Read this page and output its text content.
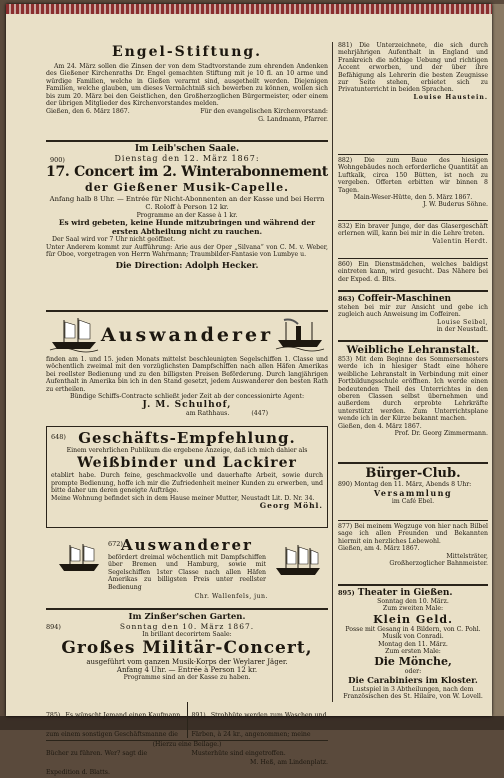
Engel-Stiftung.
Am 24. März sollen die Zinsen der von dem Stadtvorstande zum ehrenden Andenken des Gießener Kirchenraths Dr. Engel gemachten Stiftung mit je 10 fl. an 10 arme und würdige Familien, welche in Gießen verarmt sind, ausgetheilt werden. Diejenigen Familien, welche glauben, um dieses Vermächtniß sich bewerben zu können, wollen sich bis zum 20. März bei den Geistlichen, den Großherzoglichen Bürgermeister, oder einem der übrigen Mitglieder des Kirchenvorstandes melden.
Gießen, den 6. März 1867.	Für den evangelischen Kirchenvorstand:
G. Landmann, Pfarrer.
Im Leib'schen Saale.
900)	Dienstag den 12. März 1867:
17. Concert im 2. Winterabonnement
der Gießener Musik-Capelle.
Anfang halb 8 Uhr. — Entrée für Nicht-Abonnenten an der Kasse und bei Herrn C. Roloff à Person 12 kr.
Programme an der Kasse à 1 kr.
Es wird gebeten, keine Hunde mitzubringen und während der ersten Abtheilung nicht zu rauchen.
Der Saal wird vor 7 Uhr nicht geöffnet.
Unter Anderem kommt zur Aufführung: Arie aus der Oper „Silvana“ von C. M. v. Weber, für Oboe, vorgetragen von Herrn Wahrmann; Traumbilder-Fantasie von Lumbye u.
Die Direction: Adolph Hecker.
Auswanderer
finden am 1. und 15. jeden Monats mittelst beschleunigten Segelschiffen 1. Classe und wöchentlich zweimal mit den vorzüglichsten Dampfschiffen nach allen Häfen Amerikas bei reellster Bedienung und zu den billigsten Preisen Beförderung. Durch langjährigen Aufenthalt in Amerika bin ich in den Stand gesetzt, jedem Auswanderer den besten Rath zu ertheilen.
Bündige Schiffs-Contracte schließt jeder Zeit ab der concessionirte Agent:
J. M. Schulhof,
am Rathhaus.	(447)
648) Geschäfts-Empfehlung.
Einem verehrlichen Publikum die ergebene Anzeige, daß ich mich dahier als
Weißbinder und Lackirer
etablirt habe. Durch feine, geschmackvolle und dauerhafte Arbeit, sowie durch prompte Bedienung, hoffe ich mir die Zufriedenheit meiner Kunden zu erwerben, und bitte daher um deren geneigte Aufträge.
Meine Wohnung befindet sich in dem Hause meiner Mutter, Neustadt Lit. D. Nr. 34.
Georg Möhl.
672)
Auswanderer
befördert dreimal wöchentlich mit Dampfschiffen über Bremen und Hamburg, sowie mit Segelschiffen 1ster Classe nach allen Häfen Amerikas zu billigsten Preis unter reellster Bedienung
Chr. Wallenfels, jun.
Im Zinßer'schen Garten.
894)	Sonntag den 10. März 1867.
In brillant decorirtem Saale:
Großes Militär-Concert,
ausgeführt vom ganzen Musik-Korps der Weylarer Jäger.
Anfang 4 Uhr. — Entrée à Person 12 kr.
Programme sind an der Kasse zu haben.
785) Es wünscht Jemand einen Kaufmann zum einem sonstigen Geschäftsmanne die Bücher zu führen. Wer? sagt die Expedition d. Blatts.
891) Strohhüte werden zum Waschen und Färben, à 24 kr., angenommen; meine Musterhüte sind eingetroffen.
M. Heß, am Lindenplatz.
(Hierzu eine Beilage.)
881) Die Unterzeichnete, die sich durch mehrjährigen Aufenthalt in England und Frankreich die nöthige Uebung und richtigen Accent erworben, und der über ihre Befähigung als Lehrerin die besten Zeugnisse zur Seite stehen, erbietet sich zu Privatunterricht in beiden Sprachen.
Louise Haustein.
882) Die zum Baue des hiesigen Wohngebäudes noch erforderliche Quantität an Luftkalk, circa 150 Bütten, ist noch zu vergeben. Offerten erbitten wir binnen 8 Tagen.
Main-Weser-Hütte, den 5. März 1867.
J. W. Buderus Söhne.
832) Ein braver Junge, der das Glasergeschäft erlernen will, kann bei mir in die Lehre treten.
Valentin Herdt.
860) Ein Dienstmädchen, welches baldigst eintreten kann, wird gesucht. Das Nähere bei der Exped. d. Blts.
863) Coffeir-Maschinen
stehen bei mir zur Ansicht und gebe ich zugleich auch Anweisung im Coffeiren.
Louise Seibel,
in der Neustadt.
Weibliche Lehranstalt.
853) Mit dem Beginne des Sommersemesters werde ich in hiesiger Stadt eine höhere weibliche Lehranstalt in Verbindung mit einer Fortbildungsschule eröffnen. Ich werde einen bedeutenden Theil des Unterrichtes in den oberen Classen selbst übernehmen und außerdem durch erprobte Lehrkräfte unterstützt werden. Zum Unterrichtsplane wende ich in der Kürze bekannt machen.
Gießen, den 4. März 1867.
Prof. Dr. Georg Zimmermann.
Bürger-Club.
890) Montag den 11. März, Abends 8 Uhr:
Versammlung
im Café Ebel.
877) Bei meinem Wegzuge von hier nach Bilbel sage ich allen Freunden und Bekannten hiermit ein herzliches Lebewohl.
Gießen, am 4. März 1867.
Mittelsträter,
Großherzoglicher Bahnmeister.
895) Theater in Gießen.
Sonntag den 10. März.
Zum zweiten Male:
Klein Geld.
Posse mit Gesang in 4 Bildern, von C. Pohl. Musik von Conradi.
Montag den 11. März.
Zum ersten Male:
Die Mönche,
oder:
Die Carabiniers im Kloster.
Lustspiel in 3 Abtheilungen, nach dem Französischen des St. Hilaire, von W. Lovell.
